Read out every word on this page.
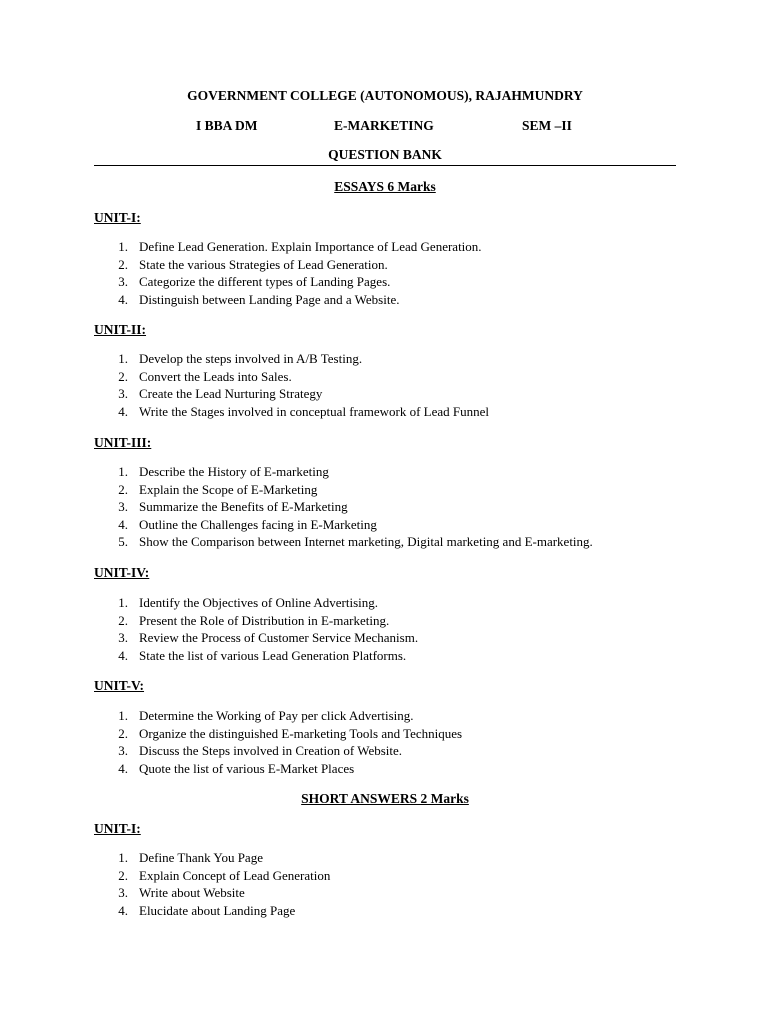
GOVERNMENT COLLEGE (AUTONOMOUS), RAJAHMUNDRY
I BBA DM	E-MARKETING	SEM –II
QUESTION BANK
ESSAYS 6 Marks
UNIT-I:
1. Define Lead Generation. Explain Importance of Lead Generation.
2. State the various Strategies of Lead Generation.
3. Categorize the different types of Landing Pages.
4. Distinguish between Landing Page and a Website.
UNIT-II:
1. Develop the steps involved in A/B Testing.
2. Convert the Leads into Sales.
3. Create the Lead Nurturing Strategy
4. Write the Stages involved in conceptual framework of Lead Funnel
UNIT-III:
1. Describe the History of E-marketing
2. Explain the Scope of E-Marketing
3. Summarize the Benefits of E-Marketing
4. Outline the Challenges facing in E-Marketing
5. Show the Comparison between Internet marketing, Digital marketing and E-marketing.
UNIT-IV:
1. Identify the Objectives of Online Advertising.
2. Present the Role of Distribution in E-marketing.
3. Review the Process of Customer Service Mechanism.
4. State the list of various Lead Generation Platforms.
UNIT-V:
1. Determine the Working of Pay per click Advertising.
2. Organize the distinguished E-marketing Tools and Techniques
3. Discuss the Steps involved in Creation of Website.
4. Quote the list of various E-Market Places
SHORT ANSWERS 2 Marks
UNIT-I:
1. Define Thank You Page
2. Explain Concept of Lead Generation
3. Write about Website
4. Elucidate about Landing Page
